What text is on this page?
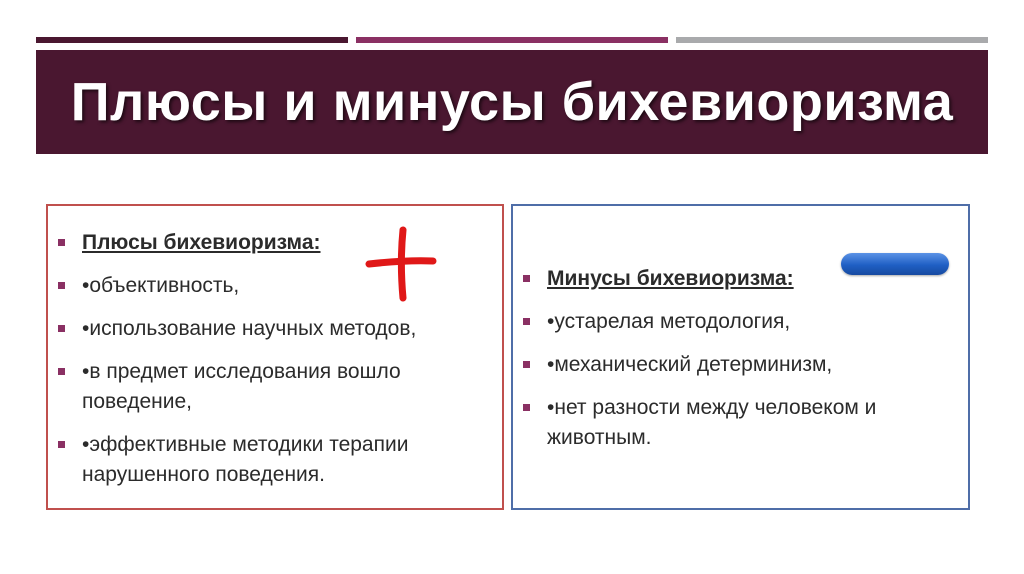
Плюсы и минусы бихевиоризма
Плюсы бихевиоризма:
•объективность,
•использование научных методов,
•в предмет исследования вошло поведение,
•эффективные методики терапии нарушенного поведения.
Минусы бихевиоризма:
•устарелая методология,
•механический детерминизм,
•нет разности между человеком и животным.
